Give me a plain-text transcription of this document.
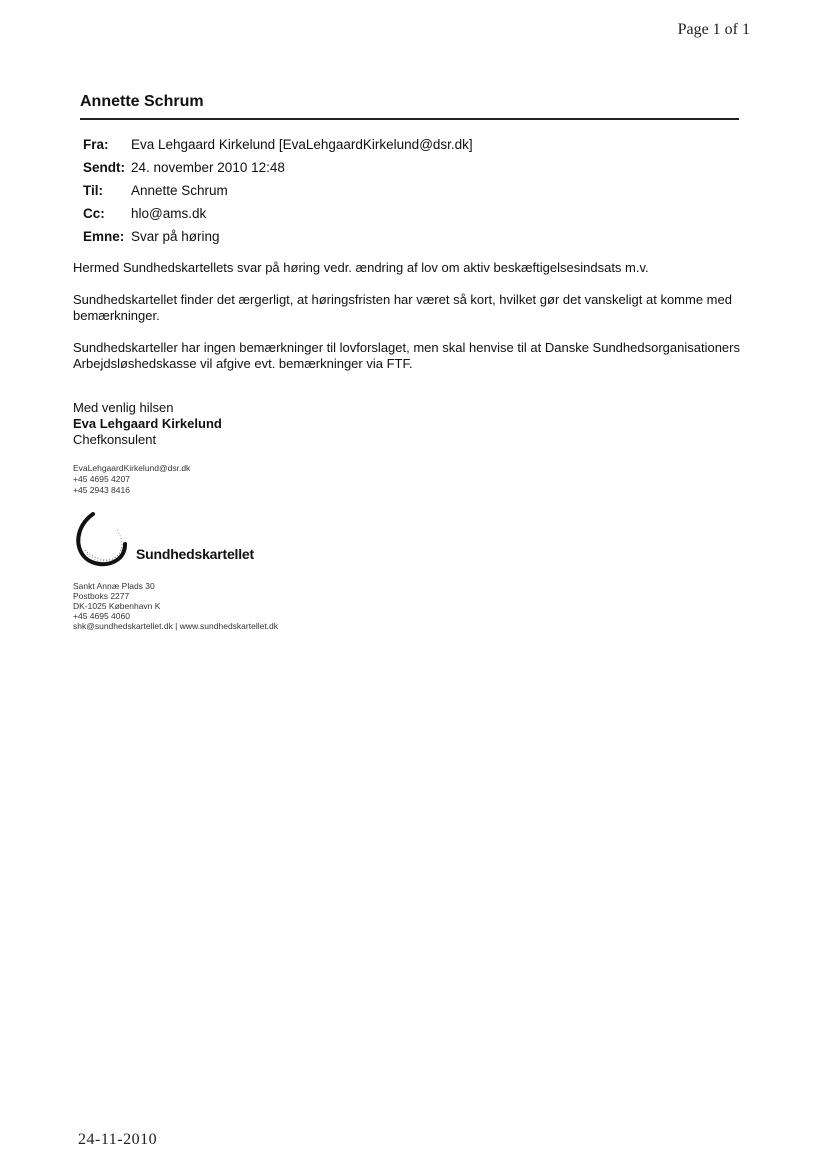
Page 1 of 1
Annette Schrum
Fra:	Eva Lehgaard Kirkelund [EvaLehgaardKirkelund@dsr.dk]
Sendt:	24. november 2010 12:48
Til:	Annette Schrum
Cc:	hlo@ams.dk
Emne:	Svar på høring

Hermed Sundhedskartellets svar på høring vedr. ændring af lov om aktiv beskæftigelsesindsats m.v.

Sundhedskartellet finder det ærgerligt, at høringsfristen har været så kort, hvilket gør det vanskeligt at komme med bemærkninger.

Sundhedskarteller har ingen bemærkninger til lovforslaget, men skal henvise til at Danske Sundhedsorganisationers Arbejdsløshedskasse vil afgive evt. bemærkninger via FTF.

Med venlig hilsen
Eva Lehgaard Kirkelund
Chefkonsulent
EvaLehgaardKirkelund@dsr.dk
+45 4695 4207
+45 2943 8416
Sundhedskartellet
Sankt Annæ Plads 30
Postboks 2277
DK-1025 København K
+45 4695 4060
shk@sundhedskartellet.dk | www.sundhedskartellet.dk
24-11-2010
